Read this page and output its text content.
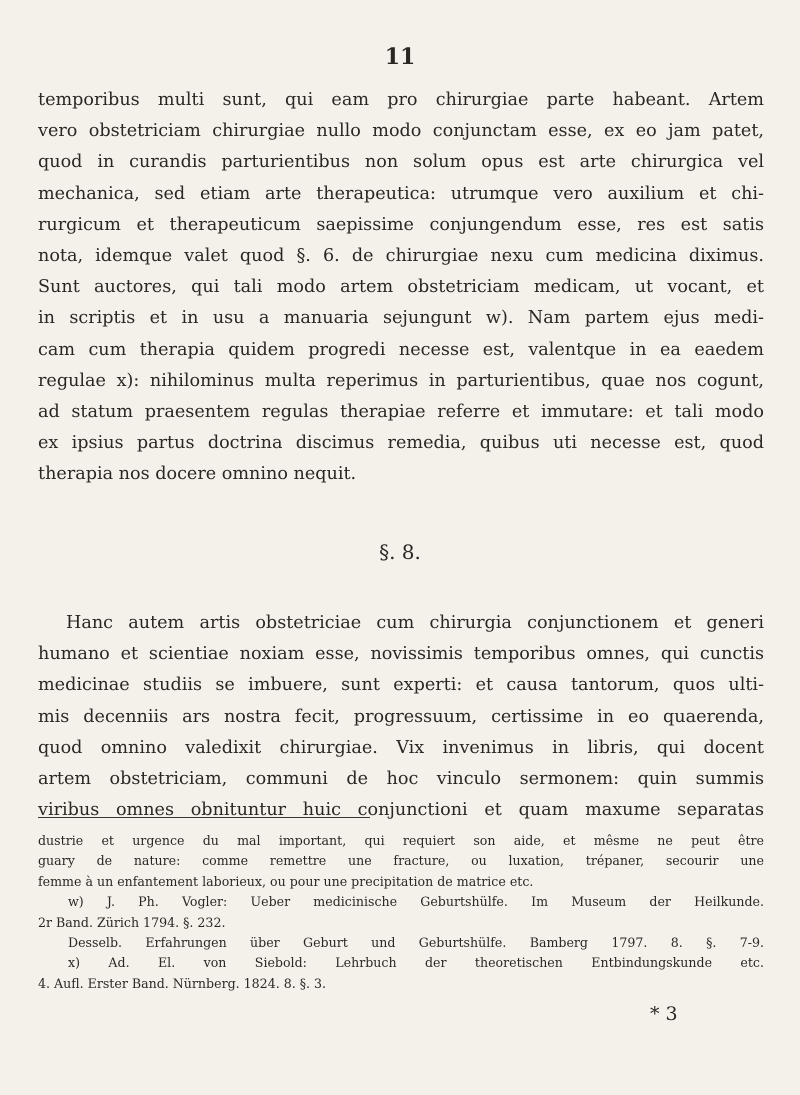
11
temporibus multi sunt, qui eam pro chirurgiae parte habeant. Artem
vero obstetriciam chirurgiae nullo modo conjunctam esse, ex eo jam patet,
quod in curandis parturientibus non solum opus est arte chirurgica vel
mechanica, sed etiam arte therapeutica: utrumque vero auxilium et chi-
rurgicum et therapeuticum saepissime conjungendum esse, res est satis
nota, idemque valet quod §. 6. de chirurgiae nexu cum medicina diximus.
Sunt auctores, qui tali modo artem obstetriciam medicam, ut vocant, et
in scriptis et in usu a manuaria sejungunt w). Nam partem ejus medi-
cam cum therapia quidem progredi necesse est, valentque in ea eaedem
regulae x): nihilominus multa reperimus in parturientibus, quae nos cogunt,
ad statum praesentem regulas therapiae referre et immutare: et tali modo
ex ipsius partus doctrina discimus remedia, quibus uti necesse est, quod
therapia nos docere omnino nequit.
§. 8.
Hanc autem artis obstetriciae cum chirurgia conjunctionem et generi
humano et scientiae noxiam esse, novissimis temporibus omnes, qui cunctis
medicinae studiis se imbuere, sunt experti: et causa tantorum, quos ulti-
mis decenniis ars nostra fecit, progressuum, certissime in eo quaerenda,
quod omnino valedixit chirurgiae. Vix invenimus in libris, qui docent
artem obstetriciam, communi de hoc vinculo sermonem: quin summis
viribus omnes obnituntur huic conjunctioni et quam maxume separatas
dustrie et urgence du mal important, qui requiert son aide, et mêsme ne peut être
guary de nature: comme remettre une fracture, ou luxation, trépaner, secourir une
femme à un enfantement laborieux, ou pour une precipitation de matrice etc.
w) J. Ph. Vogler: Ueber medicinische Geburtshülfe. Im Museum der Heilkunde.
2r Band. Zürich 1794. §. 232.
Desselb. Erfahrungen über Geburt und Geburtshülfe. Bamberg 1797. 8. §. 7-9.
x) Ad. El. von Siebold: Lehrbuch der theoretischen Entbindungskunde etc.
4. Aufl. Erster Band. Nürnberg. 1824. 8. §. 3.
* 3
